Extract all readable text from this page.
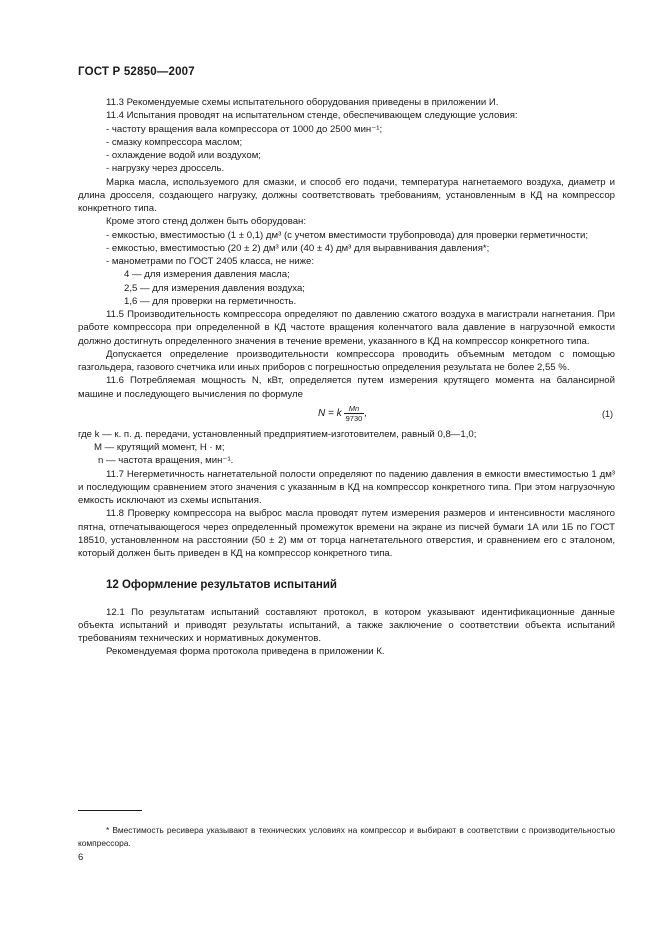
ГОСТ Р 52850—2007

11.3 Рекомендуемые схемы испытательного оборудования приведены в приложении И.

11.4 Испытания проводят на испытательном стенде, обеспечивающем следующие условия:

- частоту вращения вала компрессора от 1000 до 2500 мин⁻¹;

- смазку компрессора маслом;

- охлаждение водой или воздухом;

- нагрузку через дроссель.

Марка масла, используемого для смазки, и способ его подачи, температура нагнетаемого воздуха, диаметр и длина дросселя, создающего нагрузку, должны соответствовать требованиям, установленным в КД на компрессор конкретного типа.

Кроме этого стенд должен быть оборудован:

- емкостью, вместимостью (1 ± 0,1) дм³ (с учетом вместимости трубопровода) для проверки герметичности;

- емкостью, вместимостью (20 ± 2) дм³ или (40 ± 4) дм³ для выравнивания давления*;

- манометрами по ГОСТ 2405 класса, не ниже:

4 — для измерения давления масла;

2,5 — для измерения давления воздуха;

1,6 — для проверки на герметичность.

11.5 Производительность компрессора определяют по давлению сжатого воздуха в магистрали нагнетания. При работе компрессора при определенной в КД частоте вращения коленчатого вала давление в нагрузочной емкости должно достигнуть определенного значения в течение времени, указанного в КД на компрессор конкретного типа.

Допускается определение производительности компрессора проводить объемным методом с помощью газгольдера, газового счетчика или иных приборов с погрешностью определения результата не более 2,55 %.

11.6 Потребляемая мощность N, кВт, определяется путем измерения крутящего момента на балансирной машине и последующего вычисления по формуле

N = k $\frac{Mn}{9730}$ ,	(1)

где k — к. п. д. передачи, установленный предприятием-изготовителем, равный 0,8—1,0;

M — крутящий момент, Н · м;

n — частота вращения, мин⁻¹.

11.7 Негерметичность нагнетательной полости определяют по падению давления в емкости вместимостью 1 дм³ и последующим сравнением этого значения с указанным в КД на компрессор конкретного типа. При этом нагрузочную емкость исключают из схемы испытания.

11.8 Проверку компрессора на выброс масла проводят путем измерения размеров и интенсивности масляного пятна, отпечатывающегося через определенный промежуток времени на экране из писчей бумаги 1А или 1Б по ГОСТ 18510, установленном на расстоянии (50 ± 2) мм от торца нагнетательного отверстия, и сравнением его с эталоном, который должен быть приведен в КД на компрессор конкретного типа.

12 Оформление результатов испытаний

12.1 По результатам испытаний составляют протокол, в котором указывают идентификационные данные объекта испытаний и приводят результаты испытаний, а также заключение о соответствии объекта испытаний требованиям технических и нормативных документов.

Рекомендуемая форма протокола приведена в приложении К.

* Вместимость ресивера указывают в технических условиях на компрессор и выбирают в соответствии с производительностью компрессора.

6
